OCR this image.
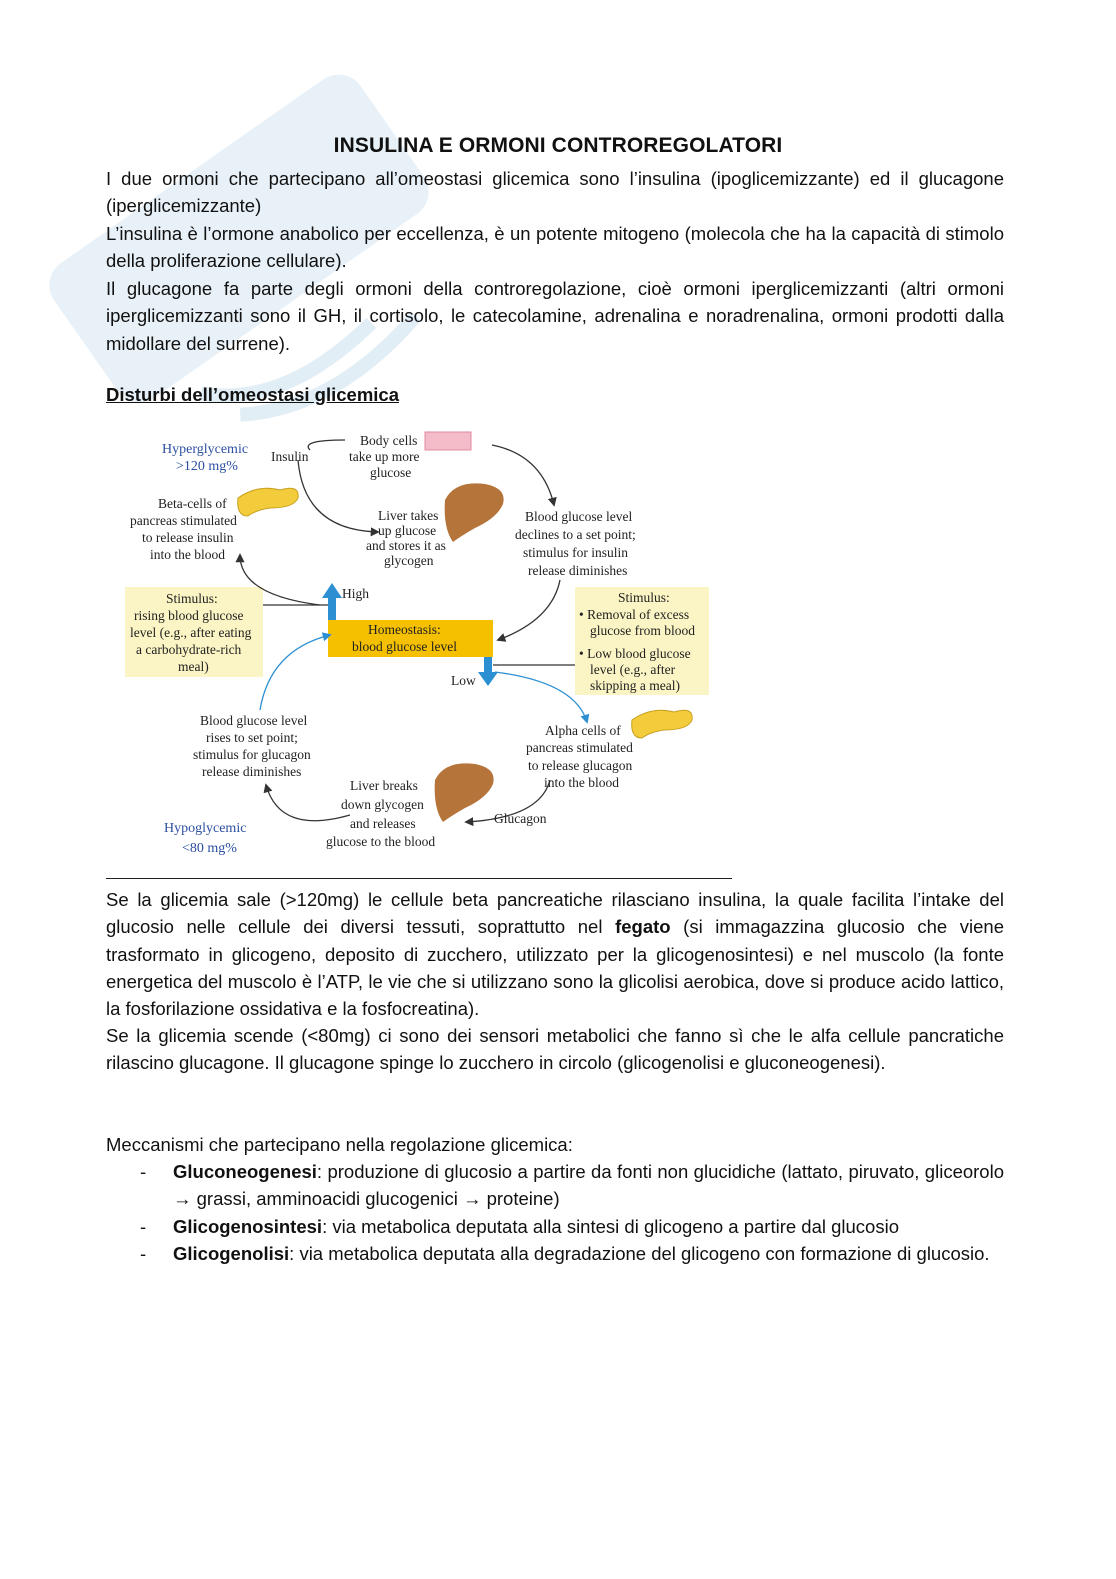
INSULINA E ORMONI CONTROREGOLATORI

I due ormoni che partecipano all’omeostasi glicemica sono l’insulina (ipoglicemizzante) ed il glucagone (iperglicemizzante)

L’insulina è l’ormone anabolico per eccellenza, è un potente mitogeno (molecola che ha la capacità di stimolo della proliferazione cellulare).

Il glucagone fa parte degli ormoni della controregolazione, cioè ormoni iperglicemizzanti (altri ormoni iperglicemizzanti sono il GH, il cortisolo, le catecolamine, adrenalina e noradrenalina, ormoni prodotti dalla midollare del surrene).

Disturbi dell’omeostasi glicemica
Hyperglycemic
>120 mg%
Insulin
Body cells
take up more
glucose
Beta-cells of
pancreas stimulated
to release insulin
into the blood
Liver takes
up glucose
and stores it as
glycogen
Blood glucose level
declines to a set point;
stimulus for insulin
release diminishes
Stimulus:
rising blood glucose
level (e.g., after eating
a carbohydrate-rich
meal)
High
Homeostasis:
blood glucose level
Low
Stimulus:
• Removal of excess
glucose from blood
• Low blood glucose
level (e.g., after
skipping a meal)
Blood glucose level
rises to set point;
stimulus for glucagon
release diminishes
Alpha cells of
pancreas stimulated
to release glucagon
into the blood
Liver breaks
down glycogen
and releases
glucose to the blood
Glucagon
Hypoglycemic
<80 mg%

Se la glicemia sale (>120mg) le cellule beta pancreatiche rilasciano insulina, la quale facilita l’intake del glucosio nelle cellule dei diversi tessuti, soprattutto nel fegato (si immagazzina glucosio che viene trasformato in glicogeno, deposito di zucchero, utilizzato per la glicogenosintesi) e nel muscolo (la fonte energetica del muscolo è l’ATP, le vie che si utilizzano sono la glicolisi aerobica, dove si produce acido lattico, la fosforilazione ossidativa e la fosfocreatina).

Se la glicemia scende (<80mg) ci sono dei sensori metabolici che fanno sì che le alfa cellule pancratiche rilascino glucagone. Il glucagone spinge lo zucchero in circolo (glicogenolisi e gluconeogenesi).

Meccanismi che partecipano nella regolazione glicemica:

- Gluconeogenesi: produzione di glucosio a partire da fonti non glucidiche (lattato, piruvato, gliceorolo → grassi, amminoacidi glucogenici → proteine)
- Glicogenosintesi: via metabolica deputata alla sintesi di glicogeno a partire dal glucosio
- Glicogenolisi: via metabolica deputata alla degradazione del glicogeno con formazione di glucosio.
